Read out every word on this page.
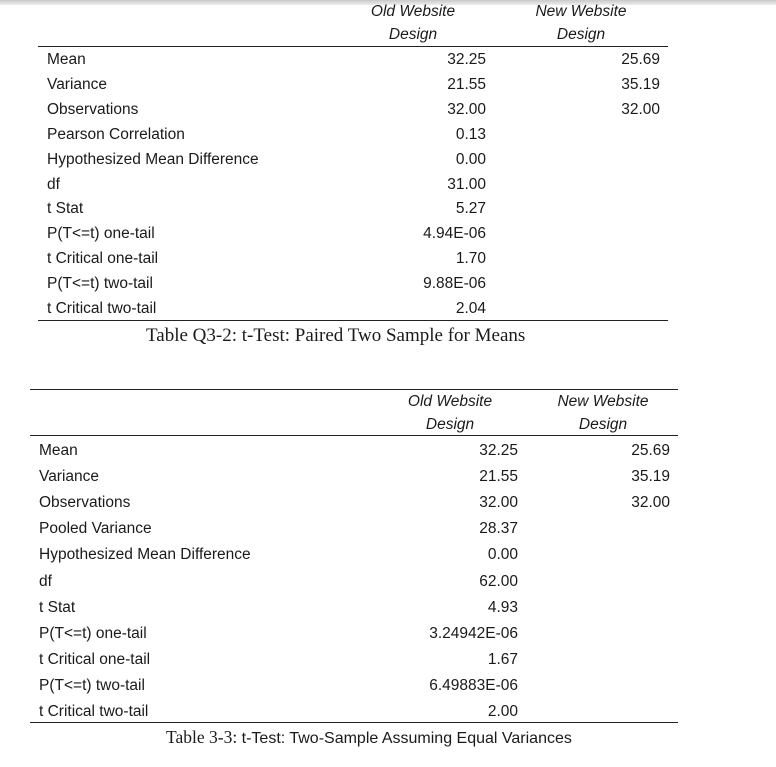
Old Website
Design
New Website
Design
Mean	32.25	25.69
Variance	21.55	35.19
Observations	32.00	32.00
Pearson Correlation	0.13
Hypothesized Mean Difference	0.00
df	31.00
t Stat	5.27
P(T<=t) one-tail	4.94E-06
t Critical one-tail	1.70
P(T<=t) two-tail	9.88E-06
t Critical two-tail	2.04
Table Q3-2: t-Test: Paired Two Sample for Means
Old Website
Design
New Website
Design
Mean	32.25	25.69
Variance	21.55	35.19
Observations	32.00	32.00
Pooled Variance	28.37
Hypothesized Mean Difference	0.00
df	62.00
t Stat	4.93
P(T<=t) one-tail	3.24942E-06
t Critical one-tail	1.67
P(T<=t) two-tail	6.49883E-06
t Critical two-tail	2.00
Table 3-3: t-Test: Two-Sample Assuming Equal Variances
